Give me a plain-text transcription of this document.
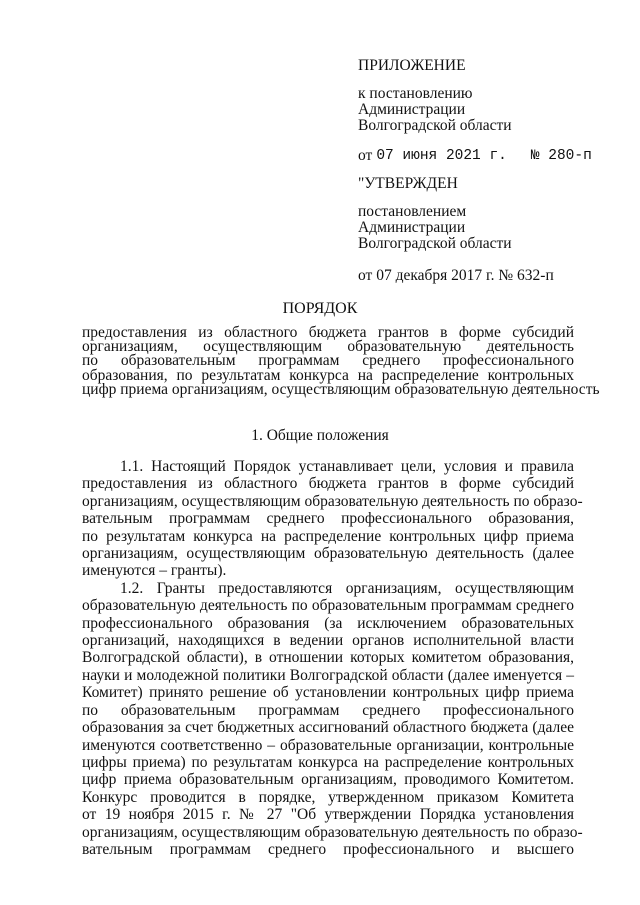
ПРИЛОЖЕНИЕ
к постановлению
Администрации
Волгоградской области
от 07 июня 2021 г. № 280-п
"УТВЕРЖДЕН
постановлением
Администрации
Волгоградской области
от 07 декабря 2017 г. № 632-п
ПОРЯДОК
предоставления из областного бюджета грантов в форме субсидий
организациям, осуществляющим образовательную деятельность
по образовательным программам среднего профессионального
образования, по результатам конкурса на распределение контрольных
цифр приема организациям, осуществляющим образовательную деятельность
1. Общие положения
1.1. Настоящий Порядок устанавливает цели, условия и правила
предоставления из областного бюджета грантов в форме субсидий
организациям, осуществляющим образовательную деятельность по образо-
вательным программам среднего профессионального образования,
по результатам конкурса на распределение контрольных цифр приема
организациям, осуществляющим образовательную деятельность (далее
именуются – гранты).
1.2. Гранты предоставляются организациям, осуществляющим
образовательную деятельность по образовательным программам среднего
профессионального образования (за исключением образовательных
организаций, находящихся в ведении органов исполнительной власти
Волгоградской области), в отношении которых комитетом образования,
науки и молодежной политики Волгоградской области (далее именуется –
Комитет) принято решение об установлении контрольных цифр приема
по образовательным программам среднего профессионального
образования за счет бюджетных ассигнований областного бюджета (далее
именуются соответственно – образовательные организации, контрольные
цифры приема) по результатам конкурса на распределение контрольных
цифр приема образовательным организациям, проводимого Комитетом.
Конкурс проводится в порядке, утвержденном приказом Комитета
от 19 ноября 2015 г. № 27 "Об утверждении Порядка установления
организациям, осуществляющим образовательную деятельность по образо-
вательным программам среднего профессионального и высшего
